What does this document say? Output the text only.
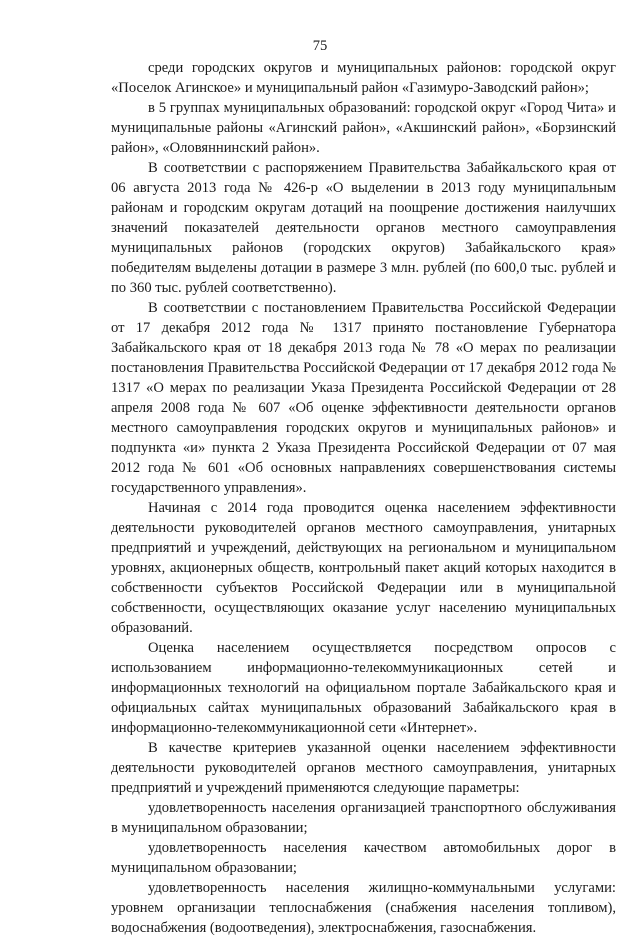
75

среди городских округов и муниципальных районов: городской округ «Поселок Агинское» и муниципальный район «Газимуро-Заводский район»;

в 5 группах муниципальных образований: городской округ «Город Чита» и муниципальные районы «Агинский район», «Акшинский район», «Борзинский район», «Оловяннинский район».

В соответствии с распоряжением Правительства Забайкальского края от 06 августа 2013 года № 426-р «О выделении в 2013 году муниципальным районам и городским округам дотаций на поощрение достижения наилучших значений показателей деятельности органов местного самоуправления муниципальных районов (городских округов) Забайкальского края» победителям выделены дотации в размере 3 млн. рублей (по 600,0 тыс. рублей и по 360 тыс. рублей соответственно).

В соответствии с постановлением Правительства Российской Федерации от 17 декабря 2012 года № 1317 принято постановление Губернатора Забайкальского края от 18 декабря 2013 года № 78 «О мерах по реализации постановления Правительства Российской Федерации от 17 декабря 2012 года № 1317 «О мерах по реализации Указа Президента Российской Федерации от 28 апреля 2008 года № 607 «Об оценке эффективности деятельности органов местного самоуправления городских округов и муниципальных районов» и подпункта «и» пункта 2 Указа Президента Российской Федерации от 07 мая 2012 года № 601 «Об основных направлениях совершенствования системы государственного управления».

Начиная с 2014 года проводится оценка населением эффективности деятельности руководителей органов местного самоуправления, унитарных предприятий и учреждений, действующих на региональном и муниципальном уровнях, акционерных обществ, контрольный пакет акций которых находится в собственности субъектов Российской Федерации или в муниципальной собственности, осуществляющих оказание услуг населению муниципальных образований.

Оценка населением осуществляется посредством опросов с использованием информационно-телекоммуникационных сетей и информационных технологий на официальном портале Забайкальского края и официальных сайтах муниципальных образований Забайкальского края в информационно-телекоммуникационной сети «Интернет».

В качестве критериев указанной оценки населением эффективности деятельности руководителей органов местного самоуправления, унитарных предприятий и учреждений применяются следующие параметры:

удовлетворенность населения организацией транспортного обслуживания в муниципальном образовании;

удовлетворенность населения качеством автомобильных дорог в муниципальном образовании;

удовлетворенность населения жилищно-коммунальными услугами: уровнем организации теплоснабжения (снабжения населения топливом), водоснабжения (водоотведения), электроснабжения, газоснабжения.
